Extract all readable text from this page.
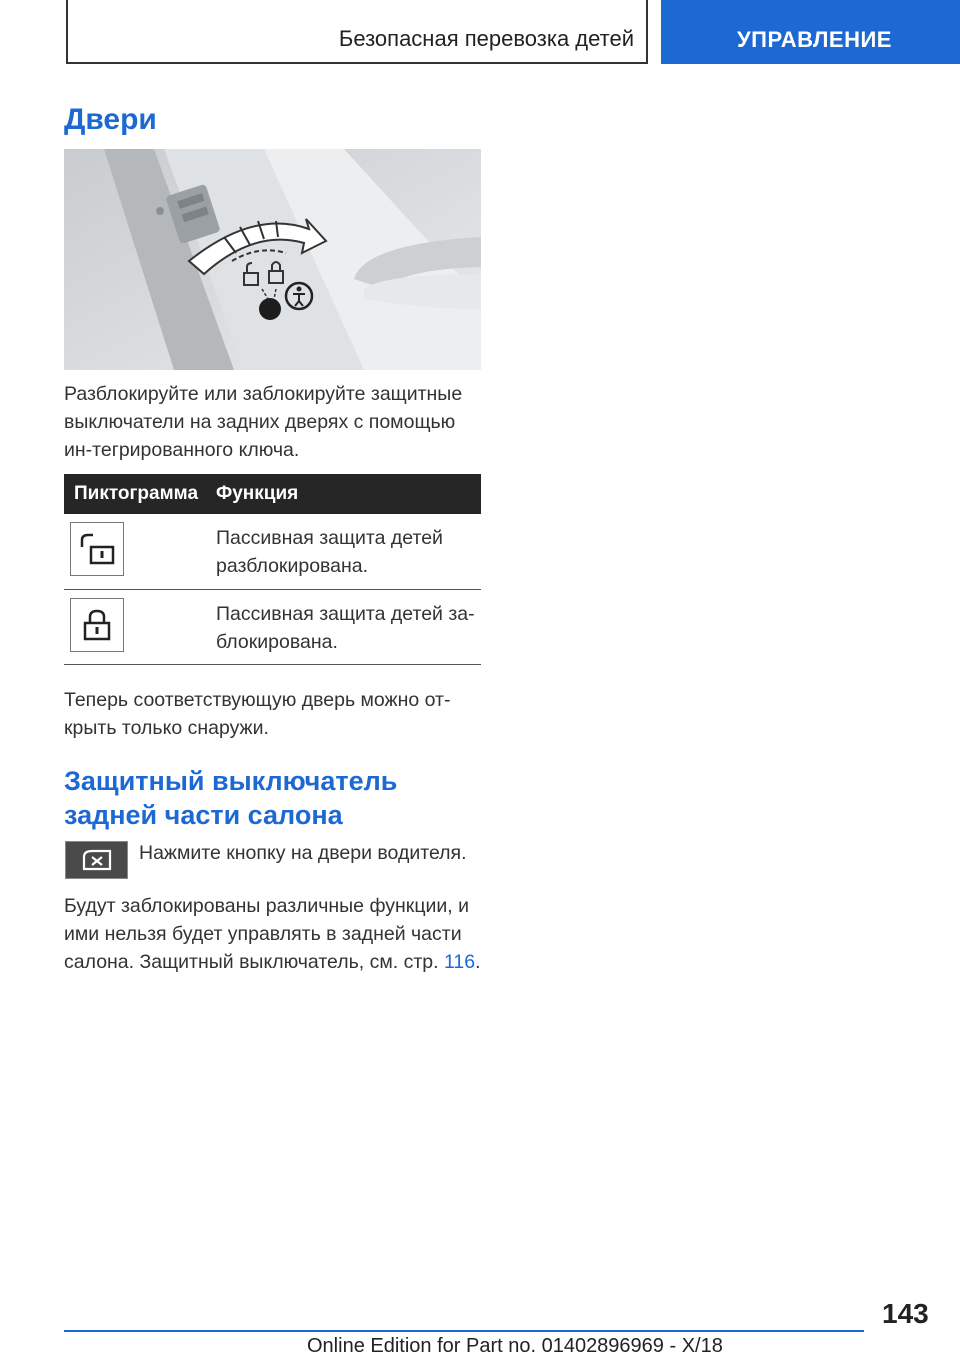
Безопасная перевозка детей	УПРАВЛЕНИЕ
Двери

Разблокируйте или заблокируйте защитные выключатели на задних дверях с помощью ин-тегрированного ключа.

Пиктограмма	Функция

	Пассивная защита детей разблокирована.

	Пассивная защита детей за-блокирована.

Теперь соответствующую дверь можно от-крыть только снаружи.

Защитный выключатель задней части салона

Нажмите кнопку на двери водителя.

Будут заблокированы различные функции, и ими нельзя будет управлять в задней части салона. Защитный выключатель, см. стр. 116.

143
Online Edition for Part no. 01402896969 - X/18
